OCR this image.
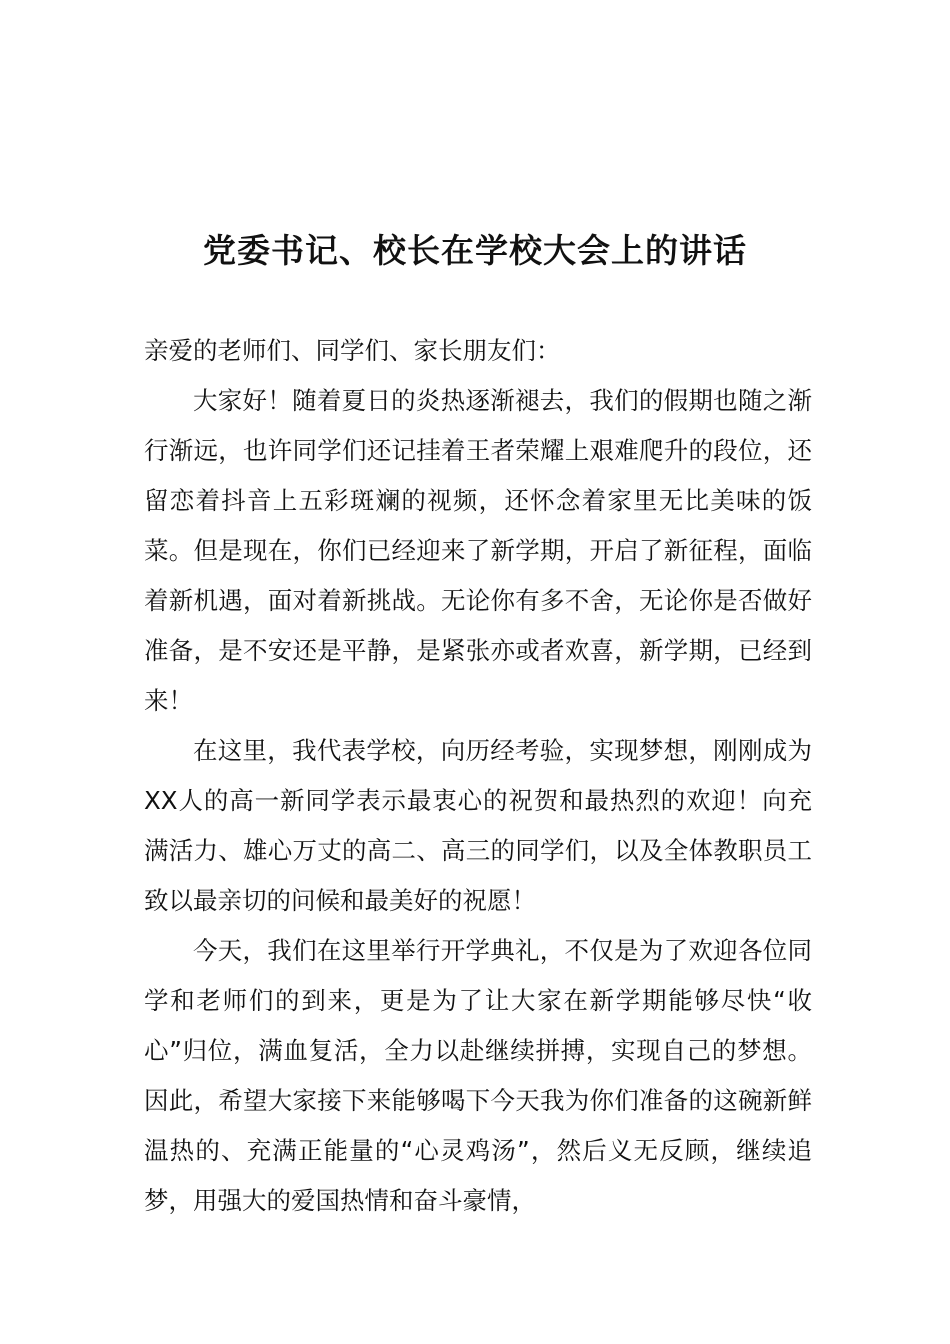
党委书记、校长在学校大会上的讲话

亲爱的老师们、同学们、家长朋友们：

大家好！随着夏日的炎热逐渐褪去，我们的假期也随之渐行渐远，也许同学们还记挂着王者荣耀上艰难爬升的段位，还留恋着抖音上五彩斑斓的视频，还怀念着家里无比美味的饭菜。但是现在，你们已经迎来了新学期，开启了新征程，面临着新机遇，面对着新挑战。无论你有多不舍，无论你是否做好准备，是不安还是平静，是紧张亦或者欢喜，新学期，已经到来！

在这里，我代表学校，向历经考验，实现梦想，刚刚成为XX人的高一新同学表示最衷心的祝贺和最热烈的欢迎！向充满活力、雄心万丈的高二、高三的同学们，以及全体教职员工致以最亲切的问候和最美好的祝愿！

今天，我们在这里举行开学典礼，不仅是为了欢迎各位同学和老师们的到来，更是为了让大家在新学期能够尽快“收心”归位，满血复活，全力以赴继续拼搏，实现自己的梦想。因此，希望大家接下来能够喝下今天我为你们准备的这碗新鲜温热的、充满正能量的“心灵鸡汤”，然后义无反顾，继续追梦，用强大的爱国热情和奋斗豪情，
